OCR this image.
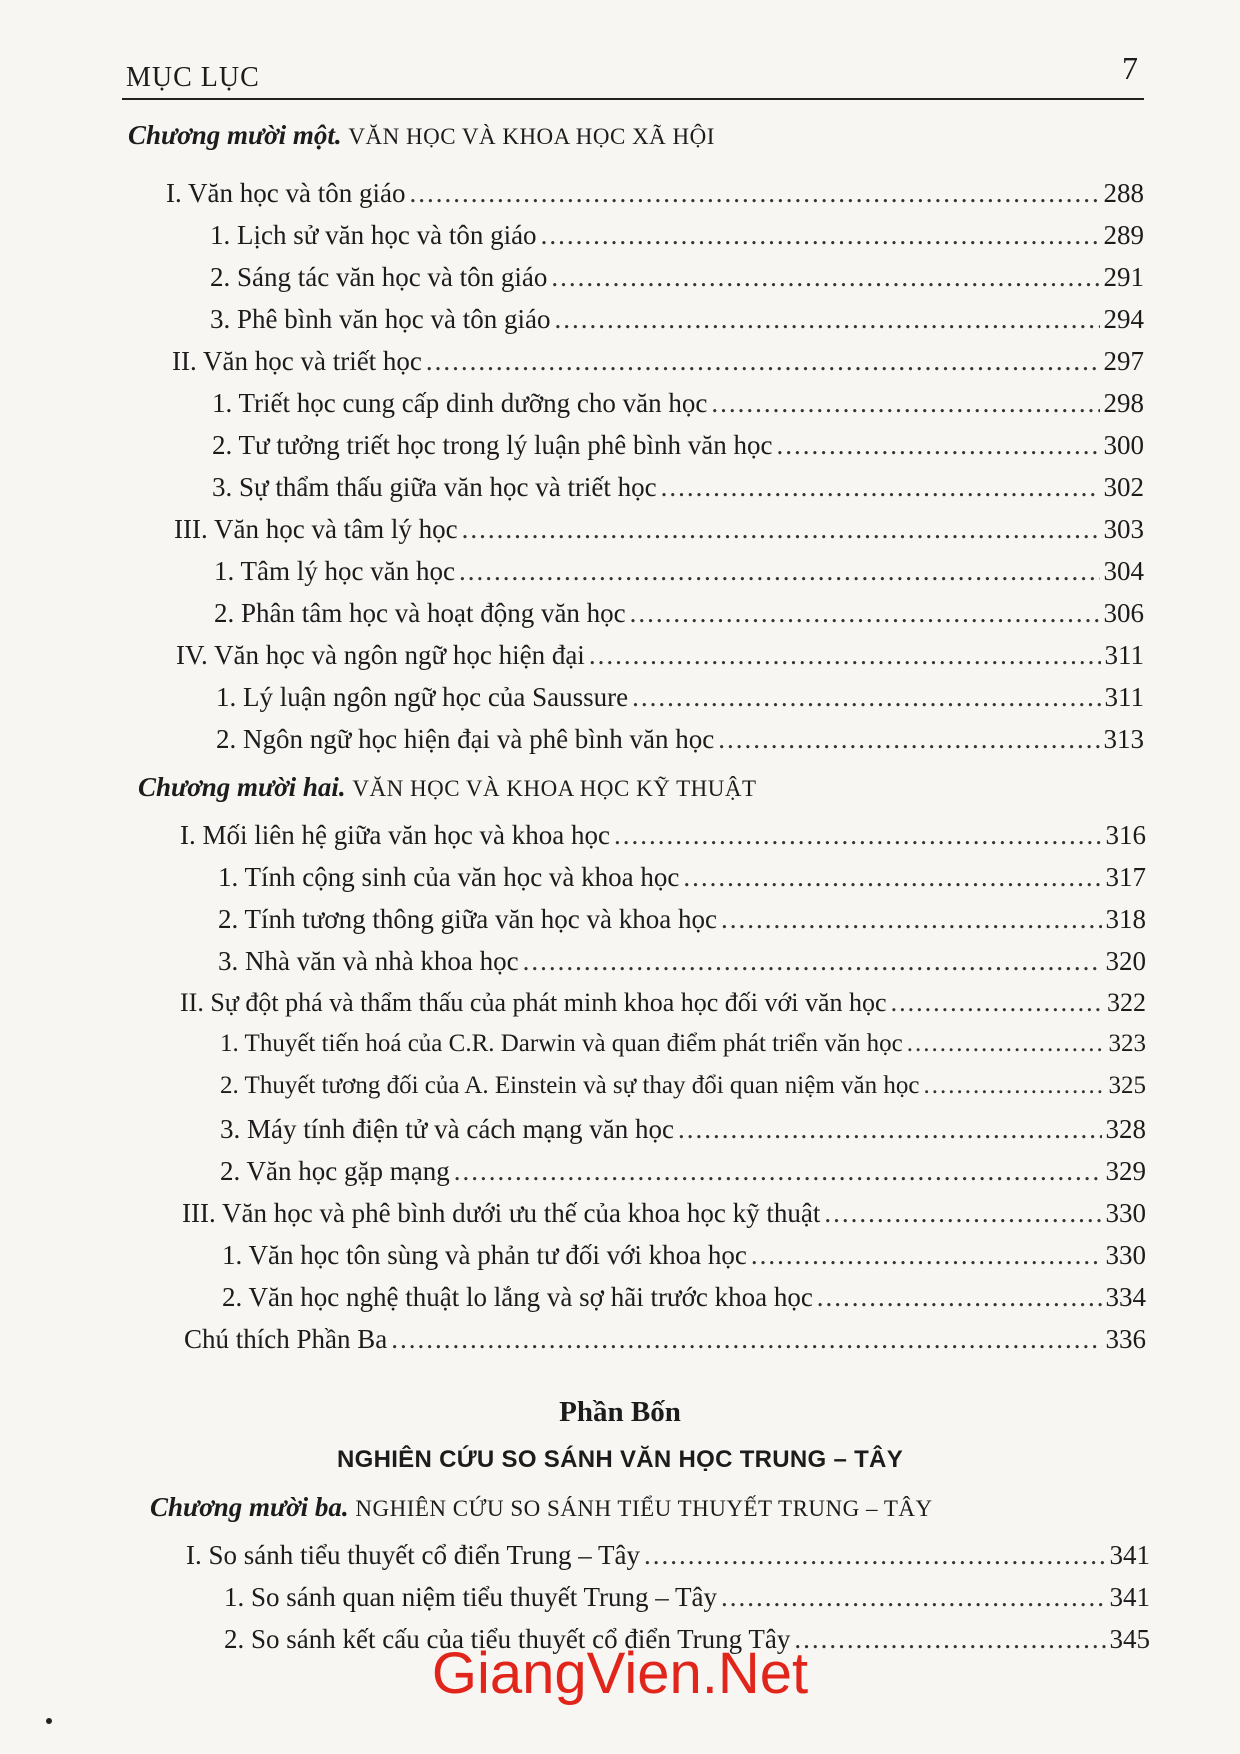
MỤC LỤC	7
Chương mười một. VĂN HỌC VÀ KHOA HỌC XÃ HỘI
I. Văn học và tôn giáo .....	288
1. Lịch sử văn học và tôn giáo .....	289
2. Sáng tác văn học và tôn giáo .....	291
3. Phê bình văn học và tôn giáo .....	294
II. Văn học và triết học .....	297
1. Triết học cung cấp dinh dưỡng cho văn học .....	298
2. Tư tưởng triết học trong lý luận phê bình văn học .....	300
3. Sự thẩm thấu giữa văn học và triết học .....	302
III. Văn học và tâm lý học .....	303
1. Tâm lý học văn học .....	304
2. Phân tâm học và hoạt động văn học .....	306
IV. Văn học và ngôn ngữ học hiện đại .....	311
1. Lý luận ngôn ngữ học của Saussure .....	311
2. Ngôn ngữ học hiện đại và phê bình văn học .....	313
Chương mười hai. VĂN HỌC VÀ KHOA HỌC KỸ THUẬT
I. Mối liên hệ giữa văn học và khoa học .....	316
1. Tính cộng sinh của văn học và khoa học .....	317
2. Tính tương thông giữa văn học và khoa học .....	318
3. Nhà văn và nhà khoa học .....	320
II. Sự đột phá và thẩm thấu của phát minh khoa học đối với văn học .....	322
1. Thuyết tiến hoá của C.R. Darwin và quan điểm phát triển văn học .....	323
2. Thuyết tương đối của A. Einstein và sự thay đổi quan niệm văn học .....	325
3. Máy tính điện tử và cách mạng văn học .....	328
2. Văn học gặp mạng .....	329
III. Văn học và phê bình dưới ưu thế của khoa học kỹ thuật .....	330
1. Văn học tôn sùng và phản tư đối với khoa học .....	330
2. Văn học nghệ thuật lo lắng và sợ hãi trước khoa học .....	334
Chú thích Phần Ba .....	336
Phần Bốn
NGHIÊN CỨU SO SÁNH VĂN HỌC TRUNG – TÂY
Chương mười ba. NGHIÊN CỨU SO SÁNH TIỂU THUYẾT TRUNG – TÂY
I. So sánh tiểu thuyết cổ điển Trung – Tây .....	341
1. So sánh quan niệm tiểu thuyết Trung – Tây .....	341
2. So sánh kết cấu của tiểu thuyết cổ điển Trung Tây .....	345
GiangVien.Net
